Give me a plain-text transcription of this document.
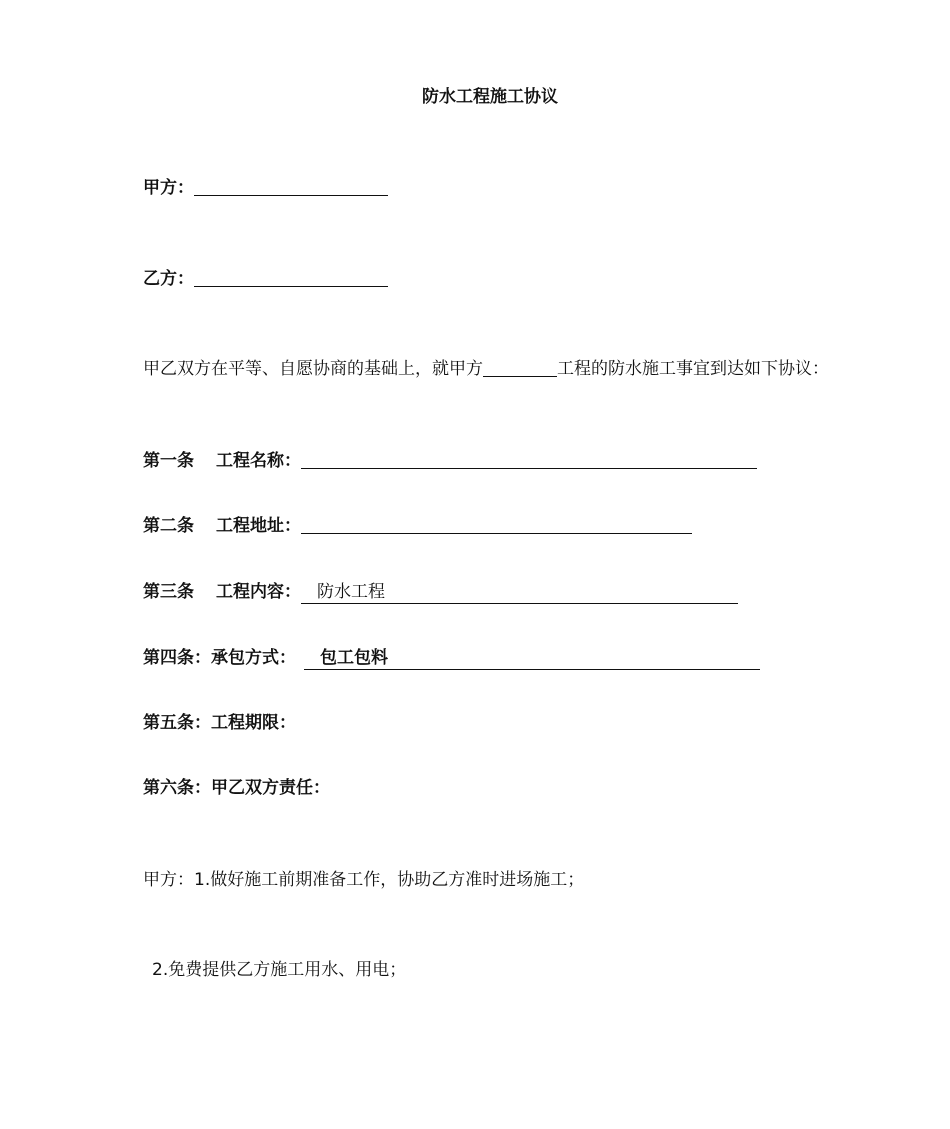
防水工程施工协议
甲方：
乙方：
甲乙双方在平等、自愿协商的基础上，就甲方	工程的防水施工事宜到达如下协议：
第一条 工程名称：
第二条 工程地址：
第三条 工程内容： 防水工程
第四条：承包方式： 包工包料
第五条：工程期限：
第六条：甲乙双方责任：
甲方：1.做好施工前期准备工作，协助乙方准时进场施工；
2.免费提供乙方施工用水、用电；
